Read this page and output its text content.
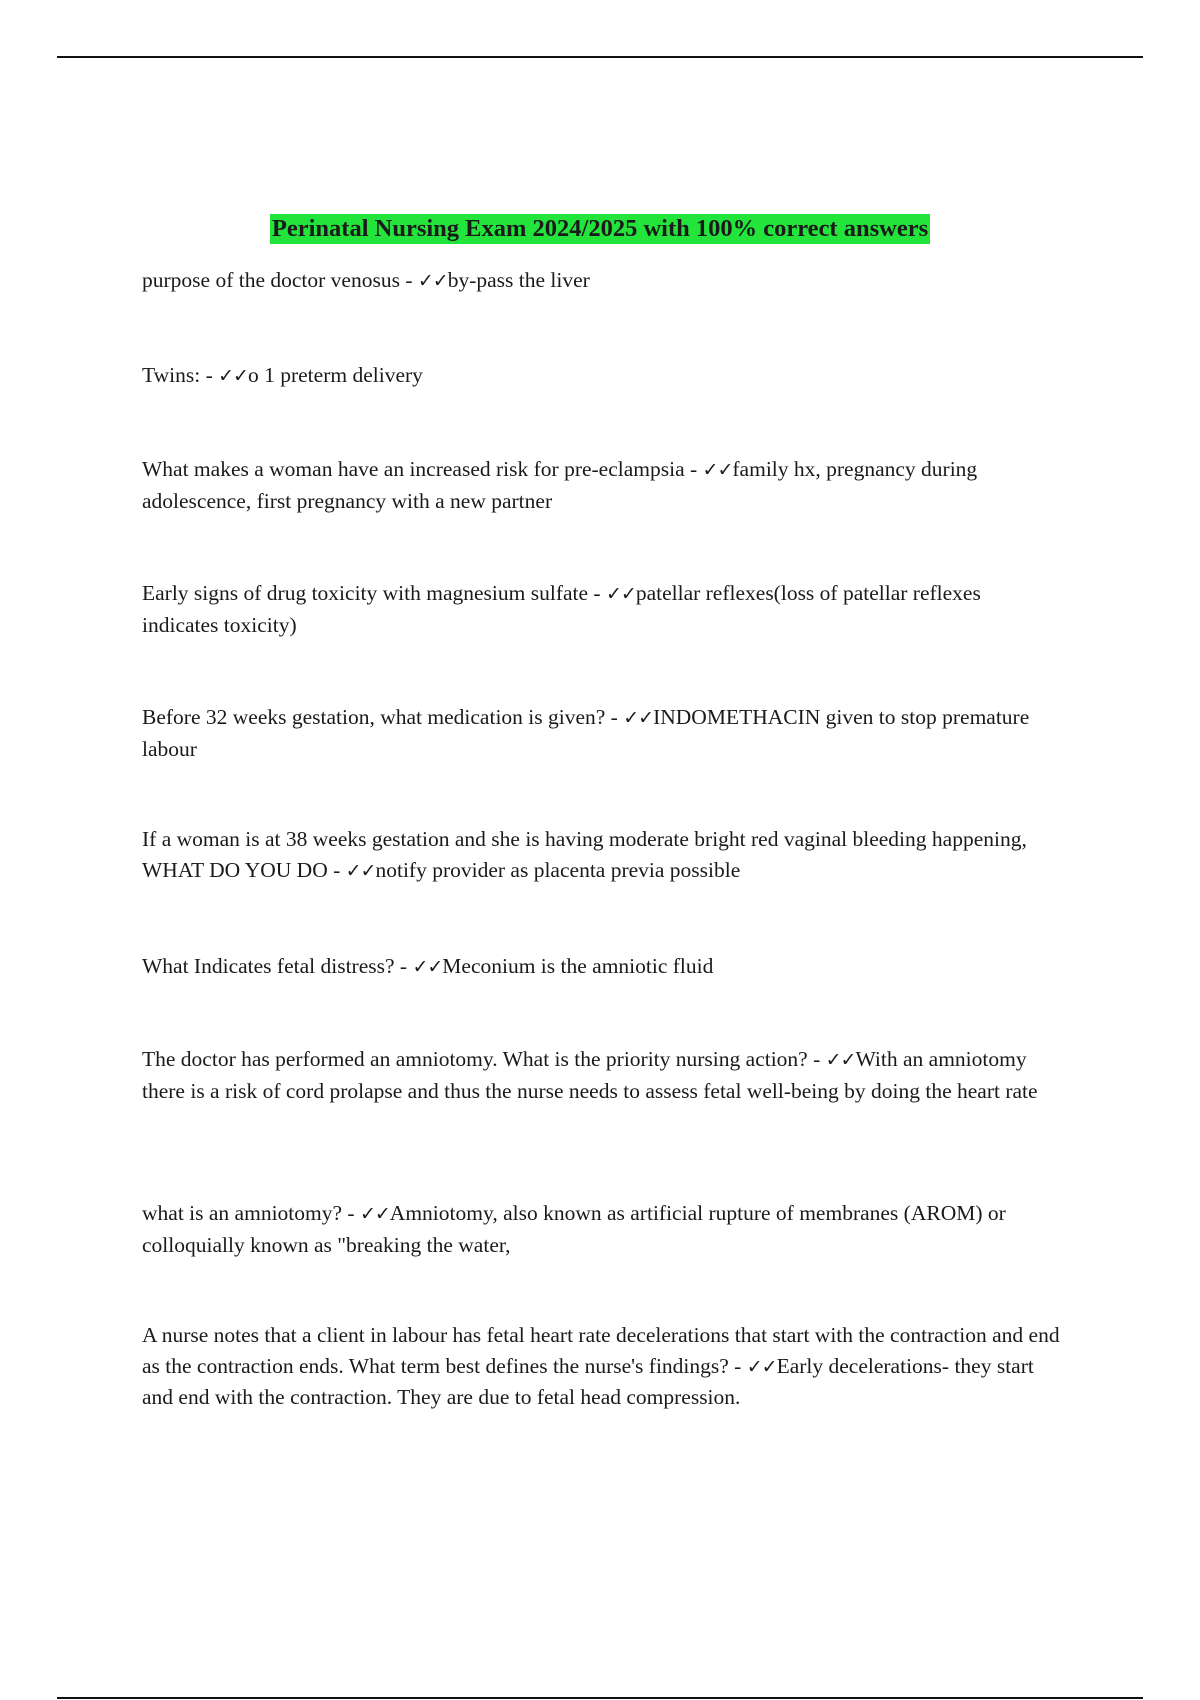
Perinatal Nursing Exam 2024/2025 with 100% correct answers

purpose of the doctor venosus - ✓✓by-pass the liver

Twins: - ✓✓o 1 preterm delivery

What makes a woman have an increased risk for pre-eclampsia - ✓✓family hx, pregnancy during adolescence, first pregnancy with a new partner

Early signs of drug toxicity with magnesium sulfate - ✓✓patellar reflexes(loss of patellar reflexes indicates toxicity)

Before 32 weeks gestation, what medication is given? - ✓✓INDOMETHACIN given to stop premature labour

If a woman is at 38 weeks gestation and she is having moderate bright red vaginal bleeding happening, WHAT DO YOU DO - ✓✓notify provider as placenta previa possible

What Indicates fetal distress? - ✓✓Meconium is the amniotic fluid

The doctor has performed an amniotomy. What is the priority nursing action? - ✓✓With an amniotomy there is a risk of cord prolapse and thus the nurse needs to assess fetal well-being by doing the heart rate

what is an amniotomy? - ✓✓Amniotomy, also known as artificial rupture of membranes (AROM) or colloquially known as "breaking the water,

A nurse notes that a client in labour has fetal heart rate decelerations that start with the contraction and end as the contraction ends. What term best defines the nurse's findings? - ✓✓Early decelerations- they start and end with the contraction. They are due to fetal head compression.
